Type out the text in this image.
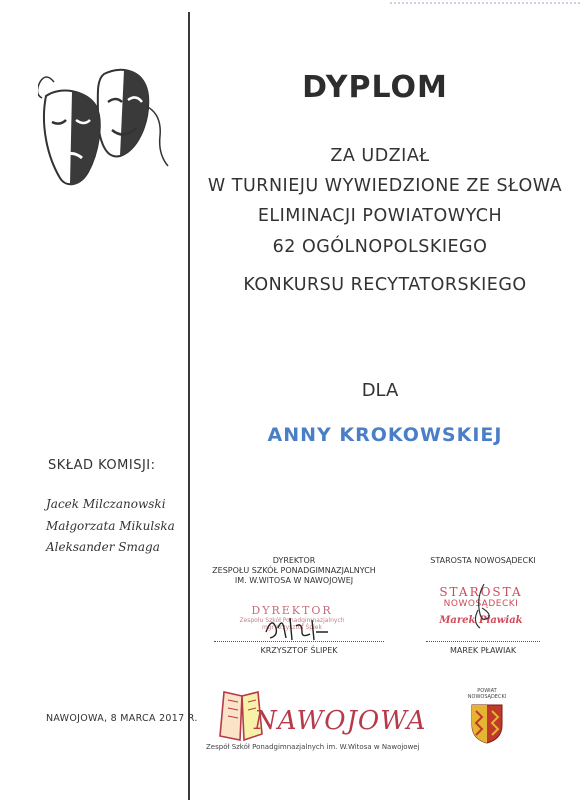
DYPLOM
ZA UDZIAŁ
W TURNIEJU WYWIEDZIONE ZE SŁOWA
ELIMINACJI POWIATOWYCH
62 OGÓLNOPOLSKIEGO
KONKURSU RECYTATORSKIEGO
DLA
ANNY KROKOWSKIEJ
SKŁAD KOMISJI:
Jacek Milczanowski
Małgorzata Mikulska
Aleksander Smaga
DYREKTOR
ZESPOŁU SZKÓŁ PONADGIMNAZJALNYCH
IM. W.WITOSA W NAWOJOWEJ
DYREKTOR
Zespołu Szkół Ponadgimnazjalnych
mgr Krzysztof Śpiek
KRZYSZTOF ŚLIPEK
STAROSTA NOWOSĄDECKI
STAROSTA
NOWOSĄDECKI
Marek Pławiak
MAREK PŁAWIAK
NAWOJOWA, 8 MARCA 2017 R. NAWOJOWA
Zespół Szkół Ponadgimnazjalnych im. W.Witosa w Nawojowej
POWIAT
NOWOSĄDECKI
